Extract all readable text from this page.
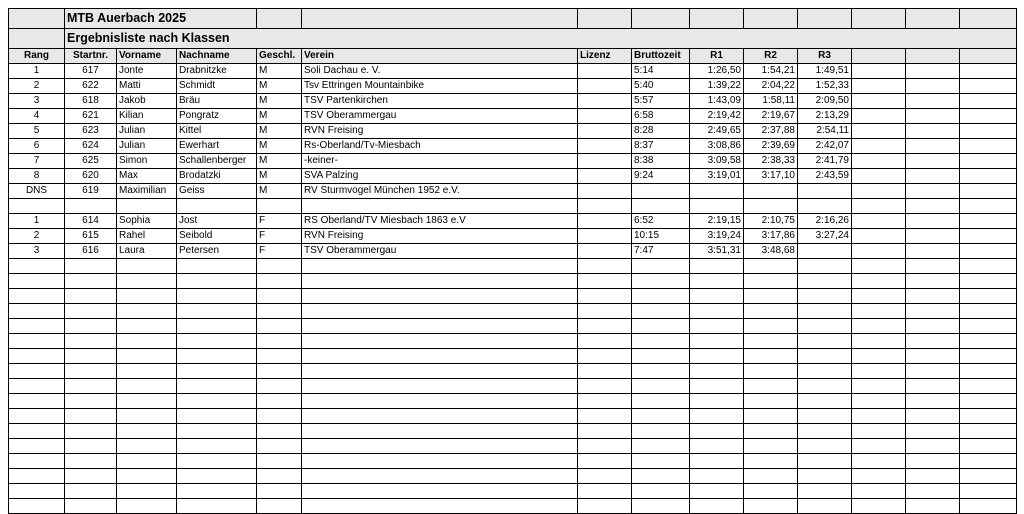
	MTB Auerbach 2025												
	Ergebnisliste nach Klassen												
Rang	Startnr.	Vorname	Nachname	Geschl.	Verein	Lizenz	Bruttozeit	R1	R2	R3			
1	617	Jonte	Drabnitzke	M	Soli Dachau e. V.		5:14	1:26,50	1:54,21	1:49,51			
2	622	Matti	Schmidt	M	Tsv Ettringen Mountainbike		5:40	1:39,22	2:04,22	1:52,33			
3	618	Jakob	Bräu	M	TSV Partenkirchen		5:57	1:43,09	1:58,11	2:09,50			
4	621	Kilian	Pongratz	M	TSV Oberammergau		6:58	2:19,42	2:19,67	2:13,29			
5	623	Julian	Kittel	M	RVN Freising		8:28	2:49,65	2:37,88	2:54,11			
6	624	Julian	Ewerhart	M	Rs-Oberland/Tv-Miesbach		8:37	3:08,86	2:39,69	2:42,07			
7	625	Simon	Schallenberger	M	-keiner-		8:38	3:09,58	2:38,33	2:41,79			
8	620	Max	Brodatzki	M	SVA Palzing		9:24	3:19,01	3:17,10	2:43,59			
DNS	619	Maximilian	Geiss	M	RV Sturmvogel München 1952 e.V.								

1	614	Sophia	Jost	F	RS Oberland/TV Miesbach 1863 e.V		6:52	2:19,15	2:10,75	2:16,26			
2	615	Rahel	Seibold	F	RVN Freising		10:15	3:19,24	3:17,86	3:27,24			
3	616	Laura	Petersen	F	TSV Oberammergau		7:47	3:51,31	3:48,68				
